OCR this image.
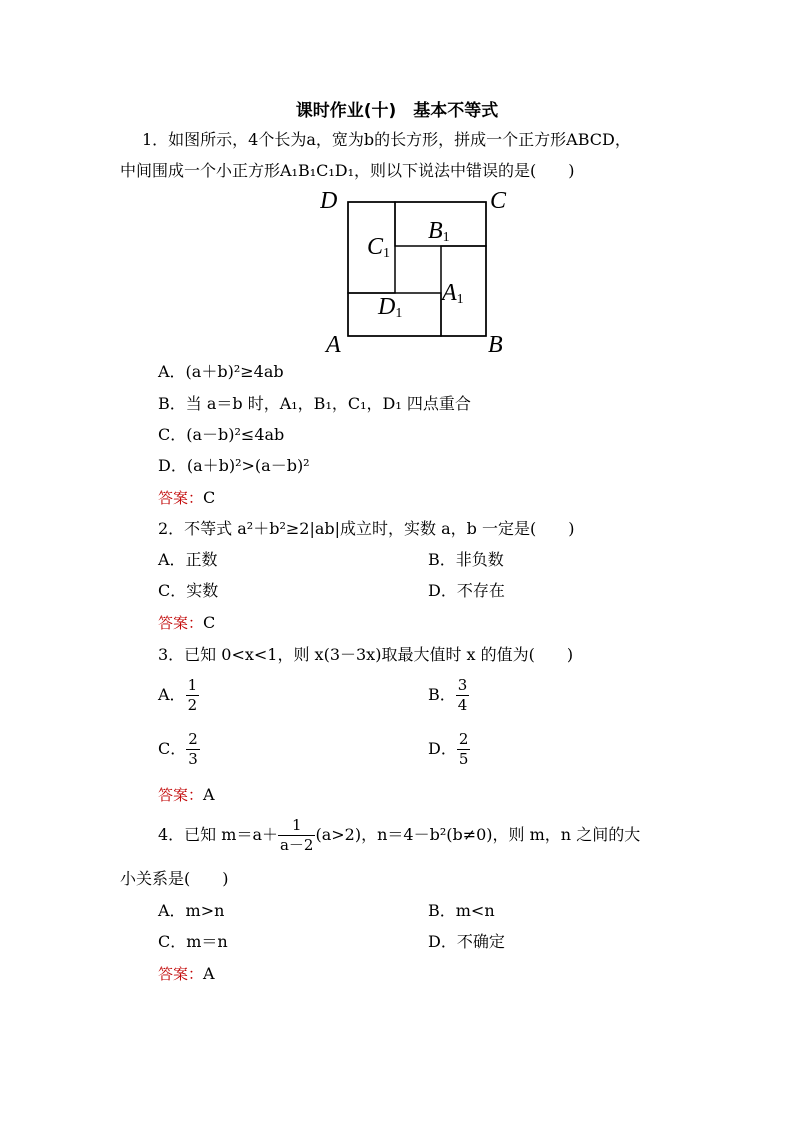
课时作业(十)　基本不等式
1．如图所示，4个长为a，宽为b的长方形，拼成一个正方形ABCD，
中间围成一个小正方形A₁B₁C₁D₁，则以下说法中错误的是(　　)
D	C
A	B
B1
C1
D1
A1
A．(a＋b)²≥4ab
B．当 a＝b 时，A₁，B₁，C₁，D₁ 四点重合
C．(a－b)²≤4ab
D．(a＋b)²>(a－b)²
答案：C
2．不等式 a²＋b²≥2|ab|成立时，实数 a，b 一定是(　　)
A．正数	B．非负数
C．实数	D．不存在
答案：C
3．已知 0<x<1，则 x(3－3x)取最大值时 x 的值为(　　)
A． $\frac{1}{2}$	B． $\frac{3}{4}$
C． $\frac{2}{3}$	D． $\frac{2}{5}$
答案：A
4．已知 $m=a+ \frac{1}{a-2} (a>2)$，n＝4－b²(b≠0)，则 m，n 之间的大
小关系是(　　)
A．m>n	B．m<n
C．m＝n	D．不确定
答案：A
